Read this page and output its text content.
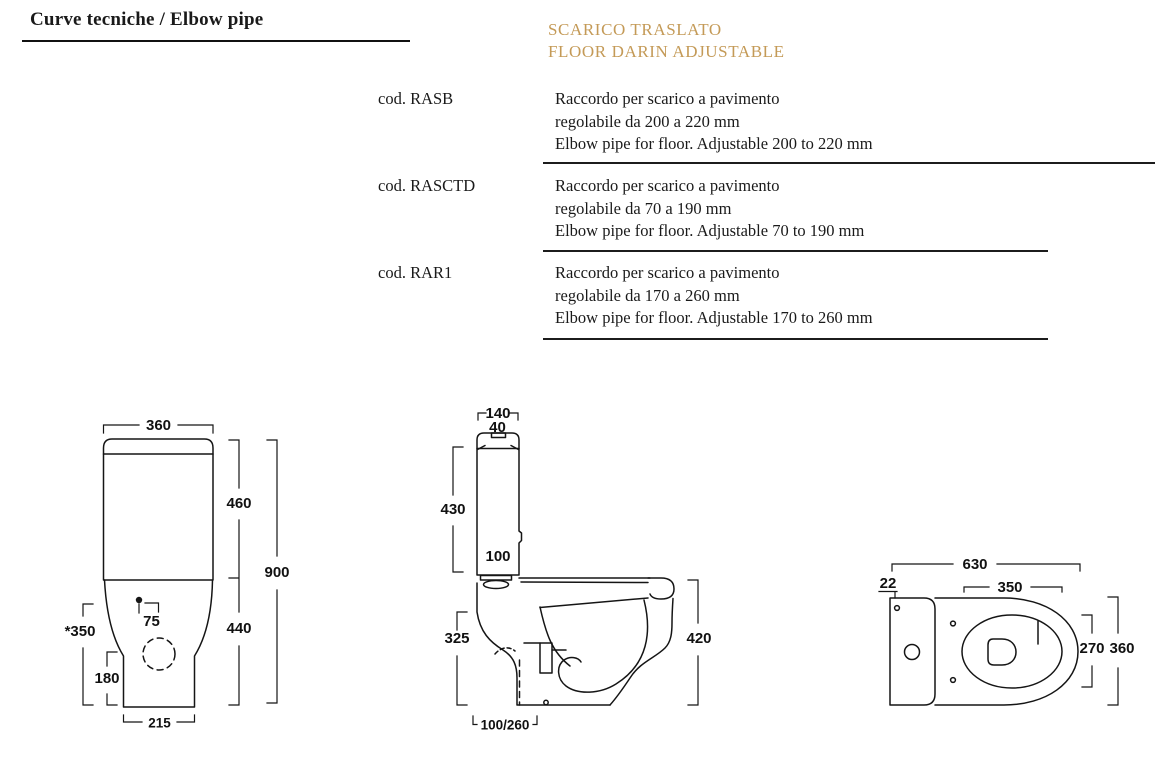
Curve tecniche / Elbow pipe	SCARICO TRASLATO
FLOOR DARIN ADJUSTABLE
cod. RASB	Raccordo per scarico a pavimento
regolabile da 200 a 220 mm
Elbow pipe for floor. Adjustable 200 to 220 mm
cod. RASCTD	Raccordo per scarico a pavimento
regolabile da 70 a 190 mm
Elbow pipe for floor. Adjustable 70 to 190 mm
cod. RAR1	Raccordo per scarico a pavimento
regolabile da 170 a 260 mm
Elbow pipe for floor. Adjustable 170 to 260 mm
360
460
440
900
*350
180
75
215
140
40
430
100
325	420
100/260
630
22	350
270 360
